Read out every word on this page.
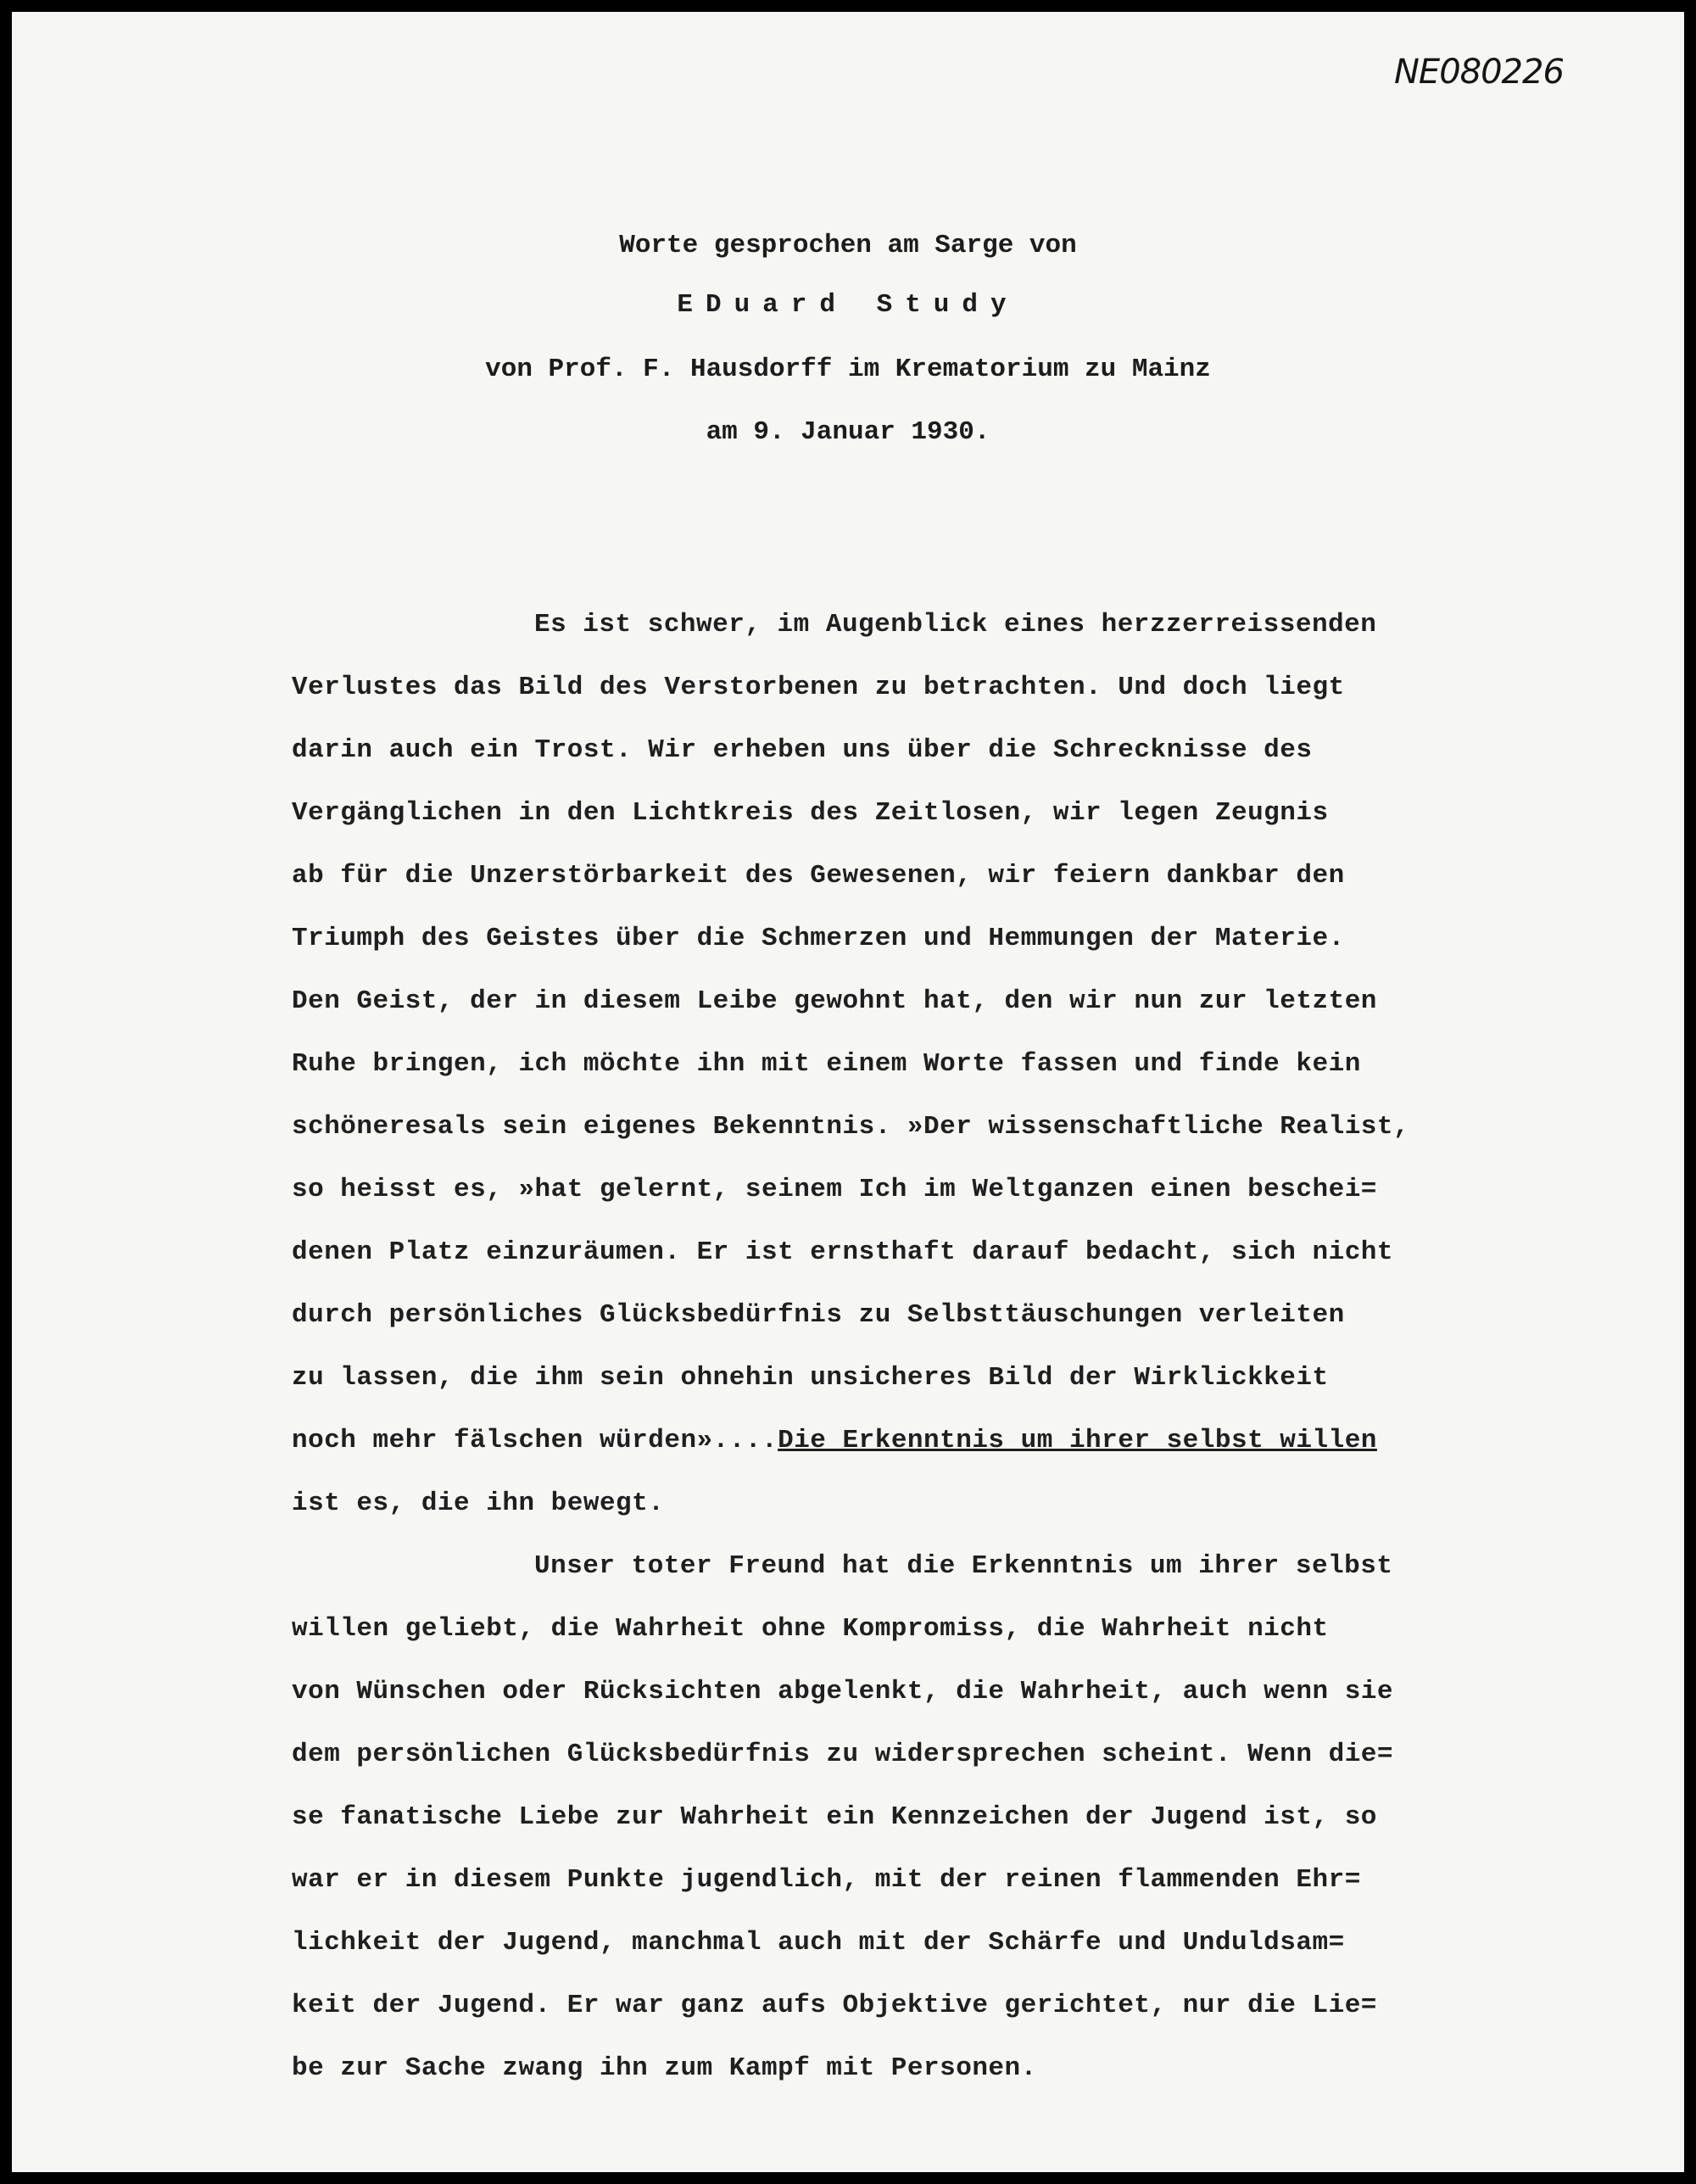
NE080226
Worte gesprochen am Sarge von
EDuard Study
von Prof. F. Hausdorff im Krematorium zu Mainz
am 9. Januar 1930.
Es ist schwer, im Augenblick eines herzzerreissenden
Verlustes das Bild des Verstorbenen zu betrachten. Und doch liegt
darin auch ein Trost. Wir erheben uns über die Schrecknisse des
Vergänglichen in den Lichtkreis des Zeitlosen, wir legen Zeugnis
ab für die Unzerstörbarkeit des Gewesenen, wir feiern dankbar den
Triumph des Geistes über die Schmerzen und Hemmungen der Materie.
Den Geist, der in diesem Leibe gewohnt hat, den wir nun zur letzten
Ruhe bringen, ich möchte ihn mit einem Worte fassen und finde kein
schöneresals sein eigenes Bekenntnis. »Der wissenschaftliche Realist,
so heisst es, »hat gelernt, seinem Ich im Weltganzen einen beschei=
denen Platz einzuräumen. Er ist ernsthaft darauf bedacht, sich nicht
durch persönliches Glücksbedürfnis zu Selbsttäuschungen verleiten
zu lassen, die ihm sein ohnehin unsicheres Bild der Wirklickkeit
noch mehr fälschen würden»....Die Erkenntnis um ihrer selbst willen
ist es, die ihn bewegt.
Unser toter Freund hat die Erkenntnis um ihrer selbst
willen geliebt, die Wahrheit ohne Kompromiss, die Wahrheit nicht
von Wünschen oder Rücksichten abgelenkt, die Wahrheit, auch wenn sie
dem persönlichen Glücksbedürfnis zu widersprechen scheint. Wenn die=
se fanatische Liebe zur Wahrheit ein Kennzeichen der Jugend ist, so
war er in diesem Punkte jugendlich, mit der reinen flammenden Ehr=
lichkeit der Jugend, manchmal auch mit der Schärfe und Unduldsam=
keit der Jugend. Er war ganz aufs Objektive gerichtet, nur die Lie=
be zur Sache zwang ihn zum Kampf mit Personen.
